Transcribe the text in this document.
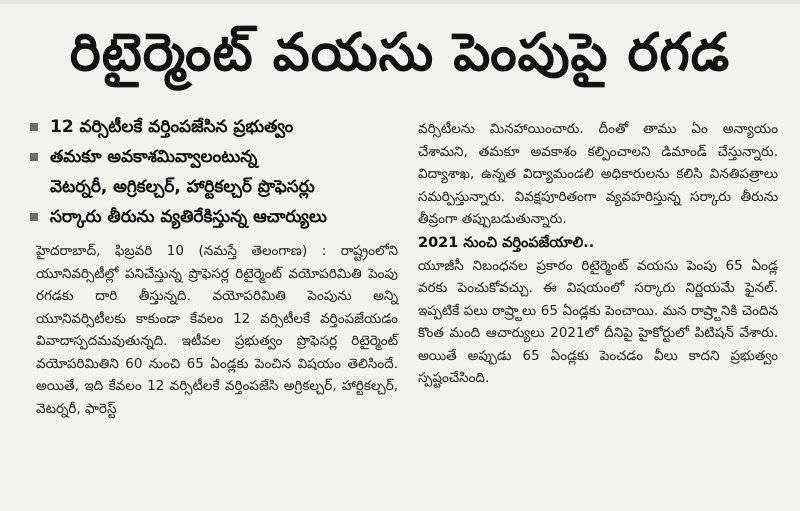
రిటైర్మెంట్ వయసు పెంపుపై రగడ
12 వర్సిటీలకే వర్తింపజేసిన ప్రభుత్వం
తమకూ అవకాశమివ్వాలంటున్న
వెటర్నరీ, అగ్రికల్చర్, హార్టికల్చర్ ప్రొఫెసర్లు
సర్కారు తీరును వ్యతిరేకిస్తున్న ఆచార్యులు
హైదరాబాద్, ఫిబ్రవరి 10 (నమస్తే తెలంగాణ) : రాష్ట్రంలోని యూనివర్సిటీల్లో పనిచేస్తున్న ప్రొఫెసర్ల రిటైర్మెంట్ వయోపరిమితి పెంపు రగడకు దారి తీస్తున్నది. వయోపరిమితి పెంపును అన్ని యూనివర్సిటీలకు కాకుండా కేవలం 12 వర్సిటీలకే వర్తింపజేయడం వివాదాస్పదమవుతున్నది. ఇటీవల ప్రభుత్వం ప్రొఫెసర్ల రిటైర్మెంట్ వయోపరిమితిని 60 నుంచి 65 ఏండ్లకు పెంచిన విషయం తెలిసిందే. అయితే, ఇది కేవలం 12 వర్సిటీలకే వర్తింపజేసి అగ్రికల్చర్, హార్టికల్చర్, వెటర్నరీ, ఫారెస్ట్
వర్సిటీలను మినహాయించారు. దీంతో తాము ఏం అన్యాయం చేశామని, తమకూ అవకాశం కల్పించాలని డిమాండ్ చేస్తున్నారు. విద్యాశాఖ, ఉన్నత విద్యామండలి అధికారులను కలిసి వినతిపత్రాలు సమర్పిస్తున్నారు. వివక్షపూరితంగా వ్యవహరిస్తున్న సర్కారు తీరును తీవ్రంగా తప్పుబడుతున్నారు.
2021 నుంచి వర్తింపజేయాలి..
యూజీసీ నిబంధనల ప్రకారం రిటైర్మెంట్ వయసు పెంపు 65 ఏండ్ల వరకు పెంచుకోవచ్చు. ఈ విషయంలో సర్కారు నిర్ణయమే ఫైనల్. ఇప్పటికే పలు రాష్ర్టాలు 65 ఏండ్లకు పెంచాయి. మన రాష్ర్టానికి చెందిన కొంత మంది ఆచార్యులు 2021లో దీనిపై హైకోర్టులో పిటిషన్ వేశారు. అయితే అప్పుడు 65 ఏండ్లకు పెంచడం వీలు కాదని ప్రభుత్వం స్పష్టంచేసింది.
